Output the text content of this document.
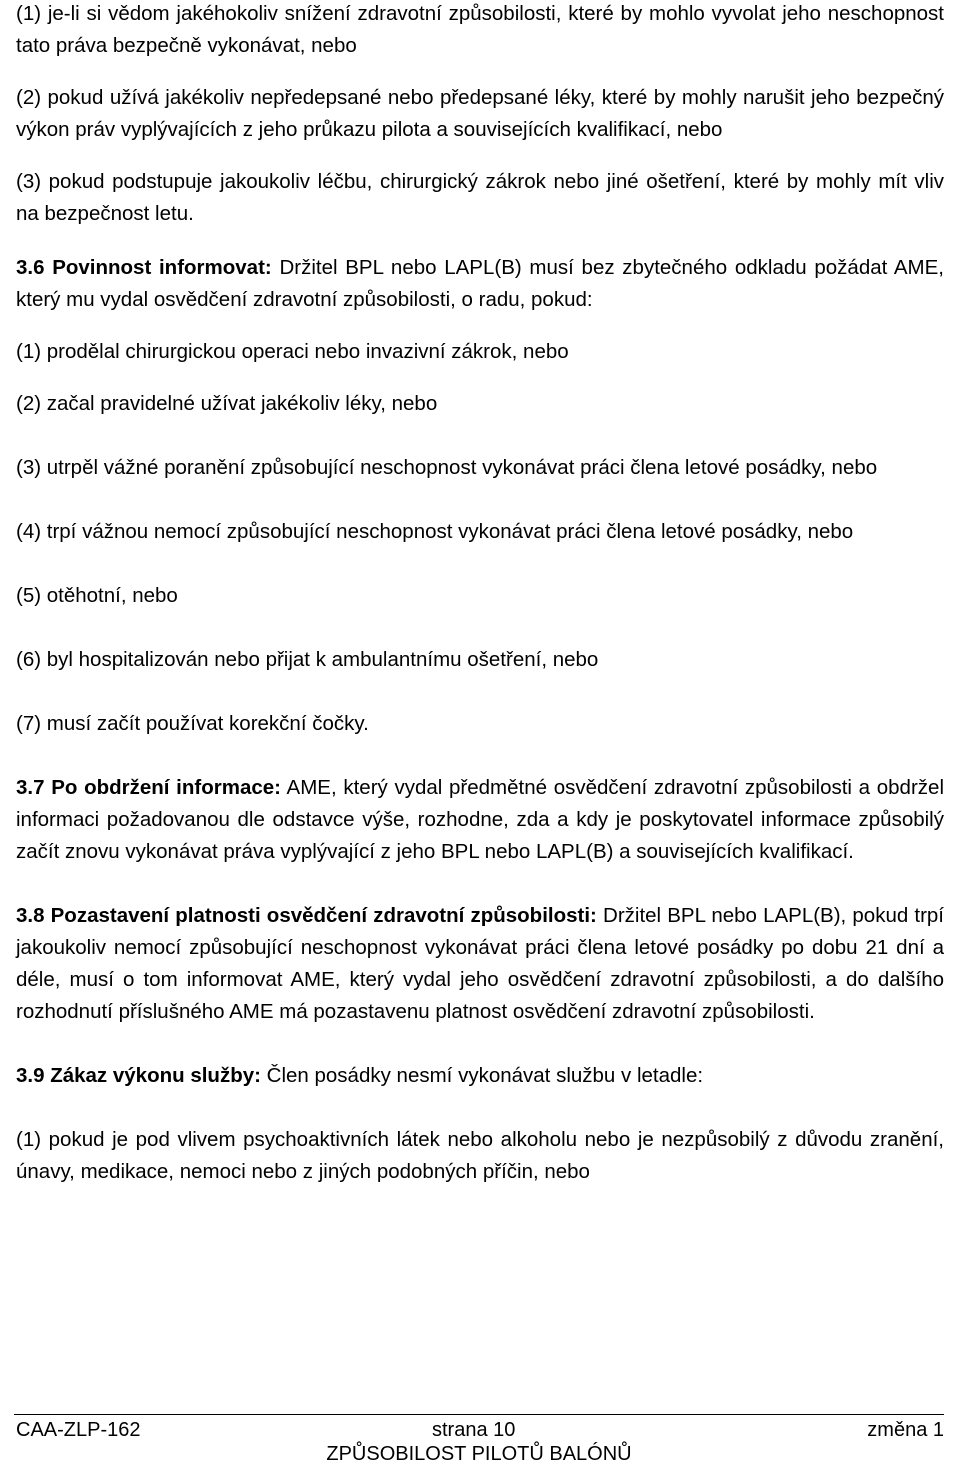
(1) je-li si vědom jakéhokoliv snížení zdravotní způsobilosti, které by mohlo vyvolat jeho neschopnost tato práva bezpečně vykonávat, nebo

(2) pokud užívá jakékoliv nepředepsané nebo předepsané léky, které by mohly narušit jeho bezpečný výkon práv vyplývajících z jeho průkazu pilota a souvisejících kvalifikací, nebo

(3) pokud podstupuje jakoukoliv léčbu, chirurgický zákrok nebo jiné ošetření, které by mohly mít vliv na bezpečnost letu.

3.6 Povinnost informovat: Držitel BPL nebo LAPL(B) musí bez zbytečného odkladu požádat AME, který mu vydal osvědčení zdravotní způsobilosti, o radu, pokud:

(1) prodělal chirurgickou operaci nebo invazivní zákrok, nebo

(2) začal pravidelné užívat jakékoliv léky, nebo

(3) utrpěl vážné poranění způsobující neschopnost vykonávat práci člena letové posádky, nebo

(4) trpí vážnou nemocí způsobující neschopnost vykonávat práci člena letové posádky, nebo

(5) otěhotní, nebo

(6) byl hospitalizován nebo přijat k ambulantnímu ošetření, nebo

(7) musí začít používat korekční čočky.

3.7 Po obdržení informace: AME, který vydal předmětné osvědčení zdravotní způsobilosti a obdržel informaci požadovanou dle odstavce výše, rozhodne, zda a kdy je poskytovatel informace způsobilý začít znovu vykonávat práva vyplývající z jeho BPL nebo LAPL(B) a souvisejících kvalifikací.

3.8 Pozastavení platnosti osvědčení zdravotní způsobilosti: Držitel BPL nebo LAPL(B), pokud trpí jakoukoliv nemocí způsobující neschopnost vykonávat práci člena letové posádky po dobu 21 dní a déle, musí o tom informovat AME, který vydal jeho osvědčení zdravotní způsobilosti, a do dalšího rozhodnutí příslušného AME má pozastavenu platnost osvědčení zdravotní způsobilosti.

3.9 Zákaz výkonu služby: Člen posádky nesmí vykonávat službu v letadle:

(1) pokud je pod vlivem psychoaktivních látek nebo alkoholu nebo je nezpůsobilý z důvodu zranění, únavy, medikace, nemoci nebo z jiných podobných příčin, nebo

CAA-ZLP-162	strana 10	změna 1
ZPŮSOBILOST PILOTŮ BALÓNŮ
